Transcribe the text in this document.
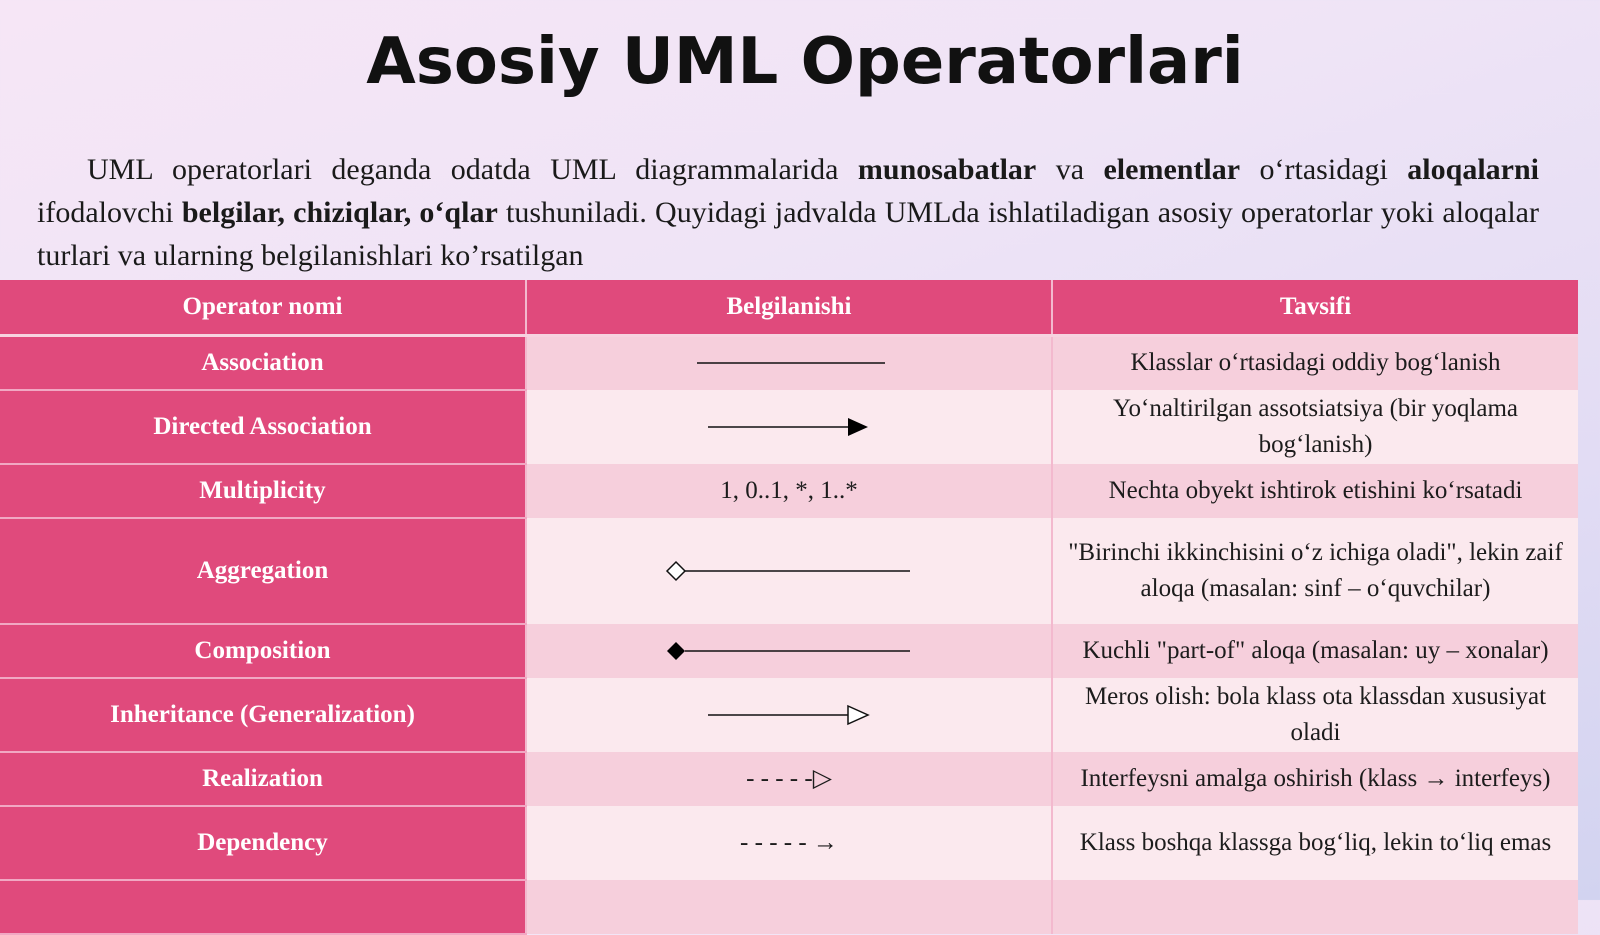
Asosiy UML Operatorlari

UML operatorlari deganda odatda UML diagrammalarida munosabatlar va elementlar o‘rtasidagi aloqalarni ifodalovchi belgilar, chiziqlar, o‘qlar tushuniladi. Quyidagi jadvalda UMLda ishlatiladigan asosiy operatorlar yoki aloqalar turlari va ularning belgilanishlari ko’rsatilgan

Operator nomi	Belgilanishi	Tavsifi
Association		Klasslar o‘rtasidagi oddiy bog‘lanish
Directed Association		Yo‘naltirilgan assotsiatsiya (bir yoqlama bog‘lanish)
Multiplicity	1, 0..1, *, 1..*	Nechta obyekt ishtirok etishini ko‘rsatadi
Aggregation		"Birinchi ikkinchisini o‘z ichiga oladi", lekin zaif aloqa (masalan: sinf – o‘quvchilar)
Composition		Kuchli "part-of" aloqa (masalan: uy – xonalar)
Inheritance (Generalization)		Meros olish: bola klass ota klassdan xususiyat oladi
Realization	- - - - -▷	Interfeysni amalga oshirish (klass → interfeys)
Dependency	- - - - - →	Klass boshqa klassga bog‘liq, lekin to‘liq emas
